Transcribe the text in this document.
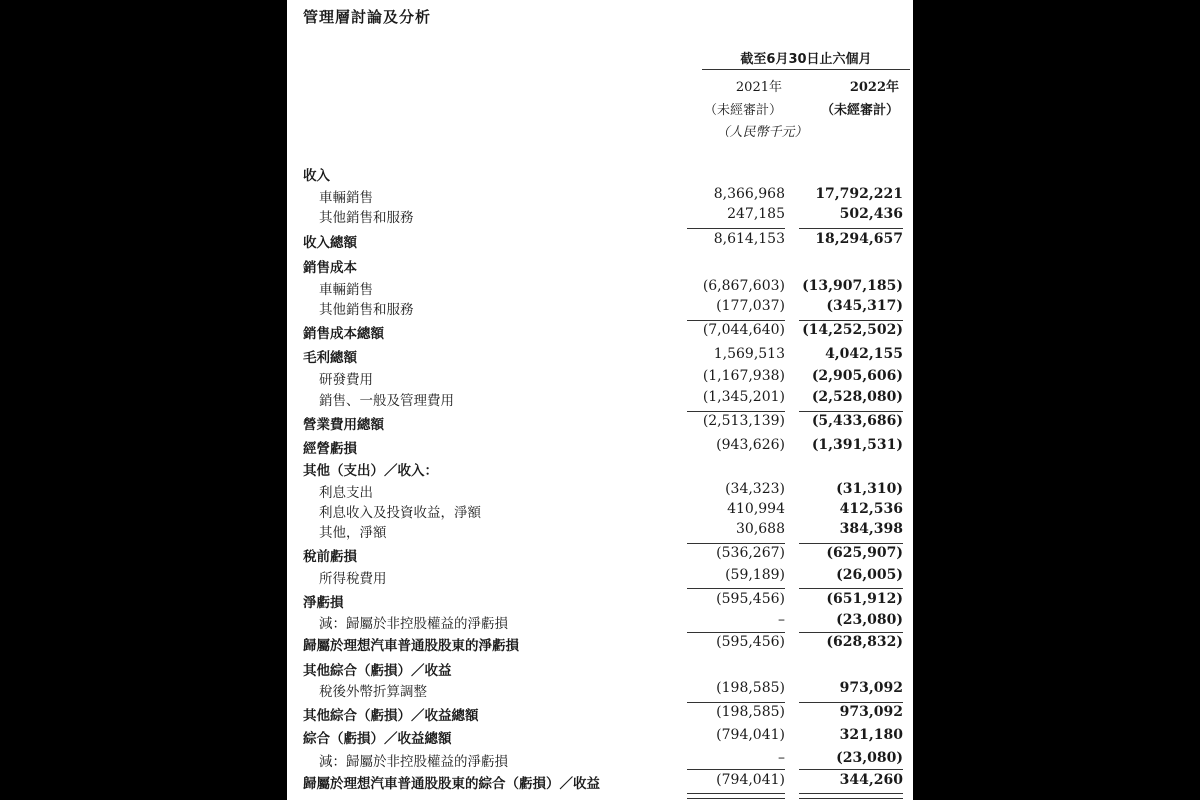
管理層討論及分析
截至6月30日止六個月
2021年	2022年
（未經審計）	（未經審計）
（人民幣千元）
收入
車輛銷售	8,366,968	17,792,221
其他銷售和服務	247,185	502,436
收入總額	8,614,153	18,294,657
銷售成本
車輛銷售	(6,867,603)	(13,907,185)
其他銷售和服務	(177,037)	(345,317)
銷售成本總額	(7,044,640)	(14,252,502)
毛利總額	1,569,513	4,042,155
研發費用	(1,167,938)	(2,905,606)
銷售、一般及管理費用	(1,345,201)	(2,528,080)
營業費用總額	(2,513,139)	(5,433,686)
經營虧損	(943,626)	(1,391,531)
其他（支出）／收入：
利息支出	(34,323)	(31,310)
利息收入及投資收益，淨額	410,994	412,536
其他，淨額	30,688	384,398
稅前虧損	(536,267)	(625,907)
所得稅費用	(59,189)	(26,005)
淨虧損	(595,456)	(651,912)
減：歸屬於非控股權益的淨虧損	–	(23,080)
歸屬於理想汽車普通股股東的淨虧損	(595,456)	(628,832)
其他綜合（虧損）／收益
稅後外幣折算調整	(198,585)	973,092
其他綜合（虧損）／收益總額	(198,585)	973,092
綜合（虧損）／收益總額	(794,041)	321,180
減：歸屬於非控股權益的淨虧損	–	(23,080)
歸屬於理想汽車普通股股東的綜合（虧損）／收益	(794,041)	344,260
